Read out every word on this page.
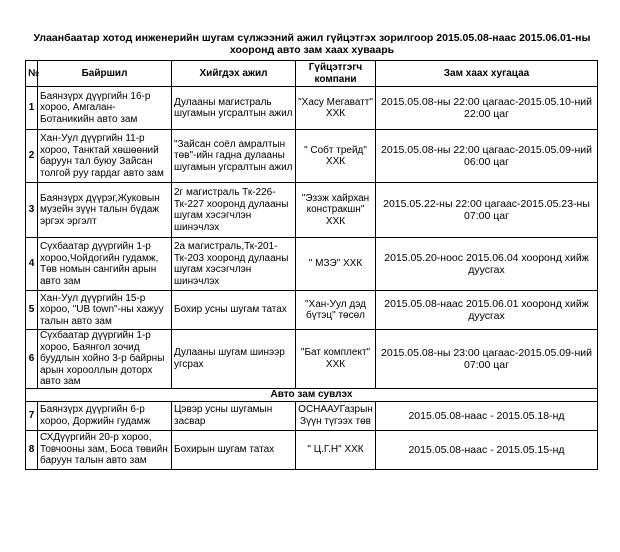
Улаанбаатар хотод инженерийн шугам сүлжээний ажил гүйцэтгэх зорилгоор 2015.05.08-наас 2015.06.01-ны
хооронд авто зам хаах хуваарь
№	Байршил	Хийгдэх ажил	Гүйцэтгэгч компани	Зам хаах хугацаа
1	Баянзүрх дүүргийн 16-р хороо, Амгалан-Ботаникийн авто зам	Дулааны магистраль шугамын угсралтын ажил	"Хасу Мегаватт" ХХК	2015.05.08-ны 22:00 цагаас-2015.05.10-ний 22:00 цаг
2	Хан-Уул дүүргийн 11-р хороо, Танктай хөшөөний баруун тал буюу Зайсан толгой руу гардаг авто зам	"Зайсан соёл амралтын төв"-ийн гадна дулааны шугамын угсралтын ажил	" Собт трейд" ХХК	2015.05.08-ны 22:00 цагаас-2015.05.09-ний 06:00 цаг
3	Баянзүрх дүүрэг,Жуковын музейн зүүн талын бүдаж эргэх эргэлт	2г магистраль Тк-226-Тк-227 хооронд дулааны шугам хэсэгчлэн шинэчлэх	"Эзэж хайрхан констракшн" ХХК	2015.05.22-ны 22:00 цагаас-2015.05.23-ны 07:00 цаг
4	Сүхбаатар дүүргийн 1-р хороо,Чойдогийн гудамж, Төв номын сангийн арын авто зам	2а магистраль,Тк-201-Тк-203 хооронд дулааны шугам хэсэгчлэн шинэчлэх	" МЗЭ" ХХК	2015.05.20-ноос 2015.06.04 хооронд хийж дуусгах
5	Хан-Уул дүүргийн 15-р хороо, "UB town"-ны хажуу талын авто зам	Бохир усны шугам татах	"Хан-Уул дэд бүтэц" төсөл	2015.05.08-наас 2015.06.01 хооронд хийж дуусгах
6	Сүхбаатар дүүргийн 1-р хороо, Баянгол зочид буудлын хойно 3-р байрны арын хорооллын доторх авто зам	Дулааны шугам шинээр угсрах	"Бат комплект" ХХК	2015.05.08-ны 23:00 цагаас-2015.05.09-ний 07:00 цаг
Авто зам сувлэх				
7	Баянзүрх дүүргийн 6-р хороо, Доржийн гудамж	Цэвэр усны шугамын засвар	ОСНААУГазрын Зүүн түгээх төв	2015.05.08-наас - 2015.05.18-нд
8	СХДүүргийн 20-р хороо, Товчооны зам, Боса төвийн баруун талын авто зам	Бохирын шугам татах	" Ц.Г.Н" ХХК	2015.05.08-наас - 2015.05.15-нд
